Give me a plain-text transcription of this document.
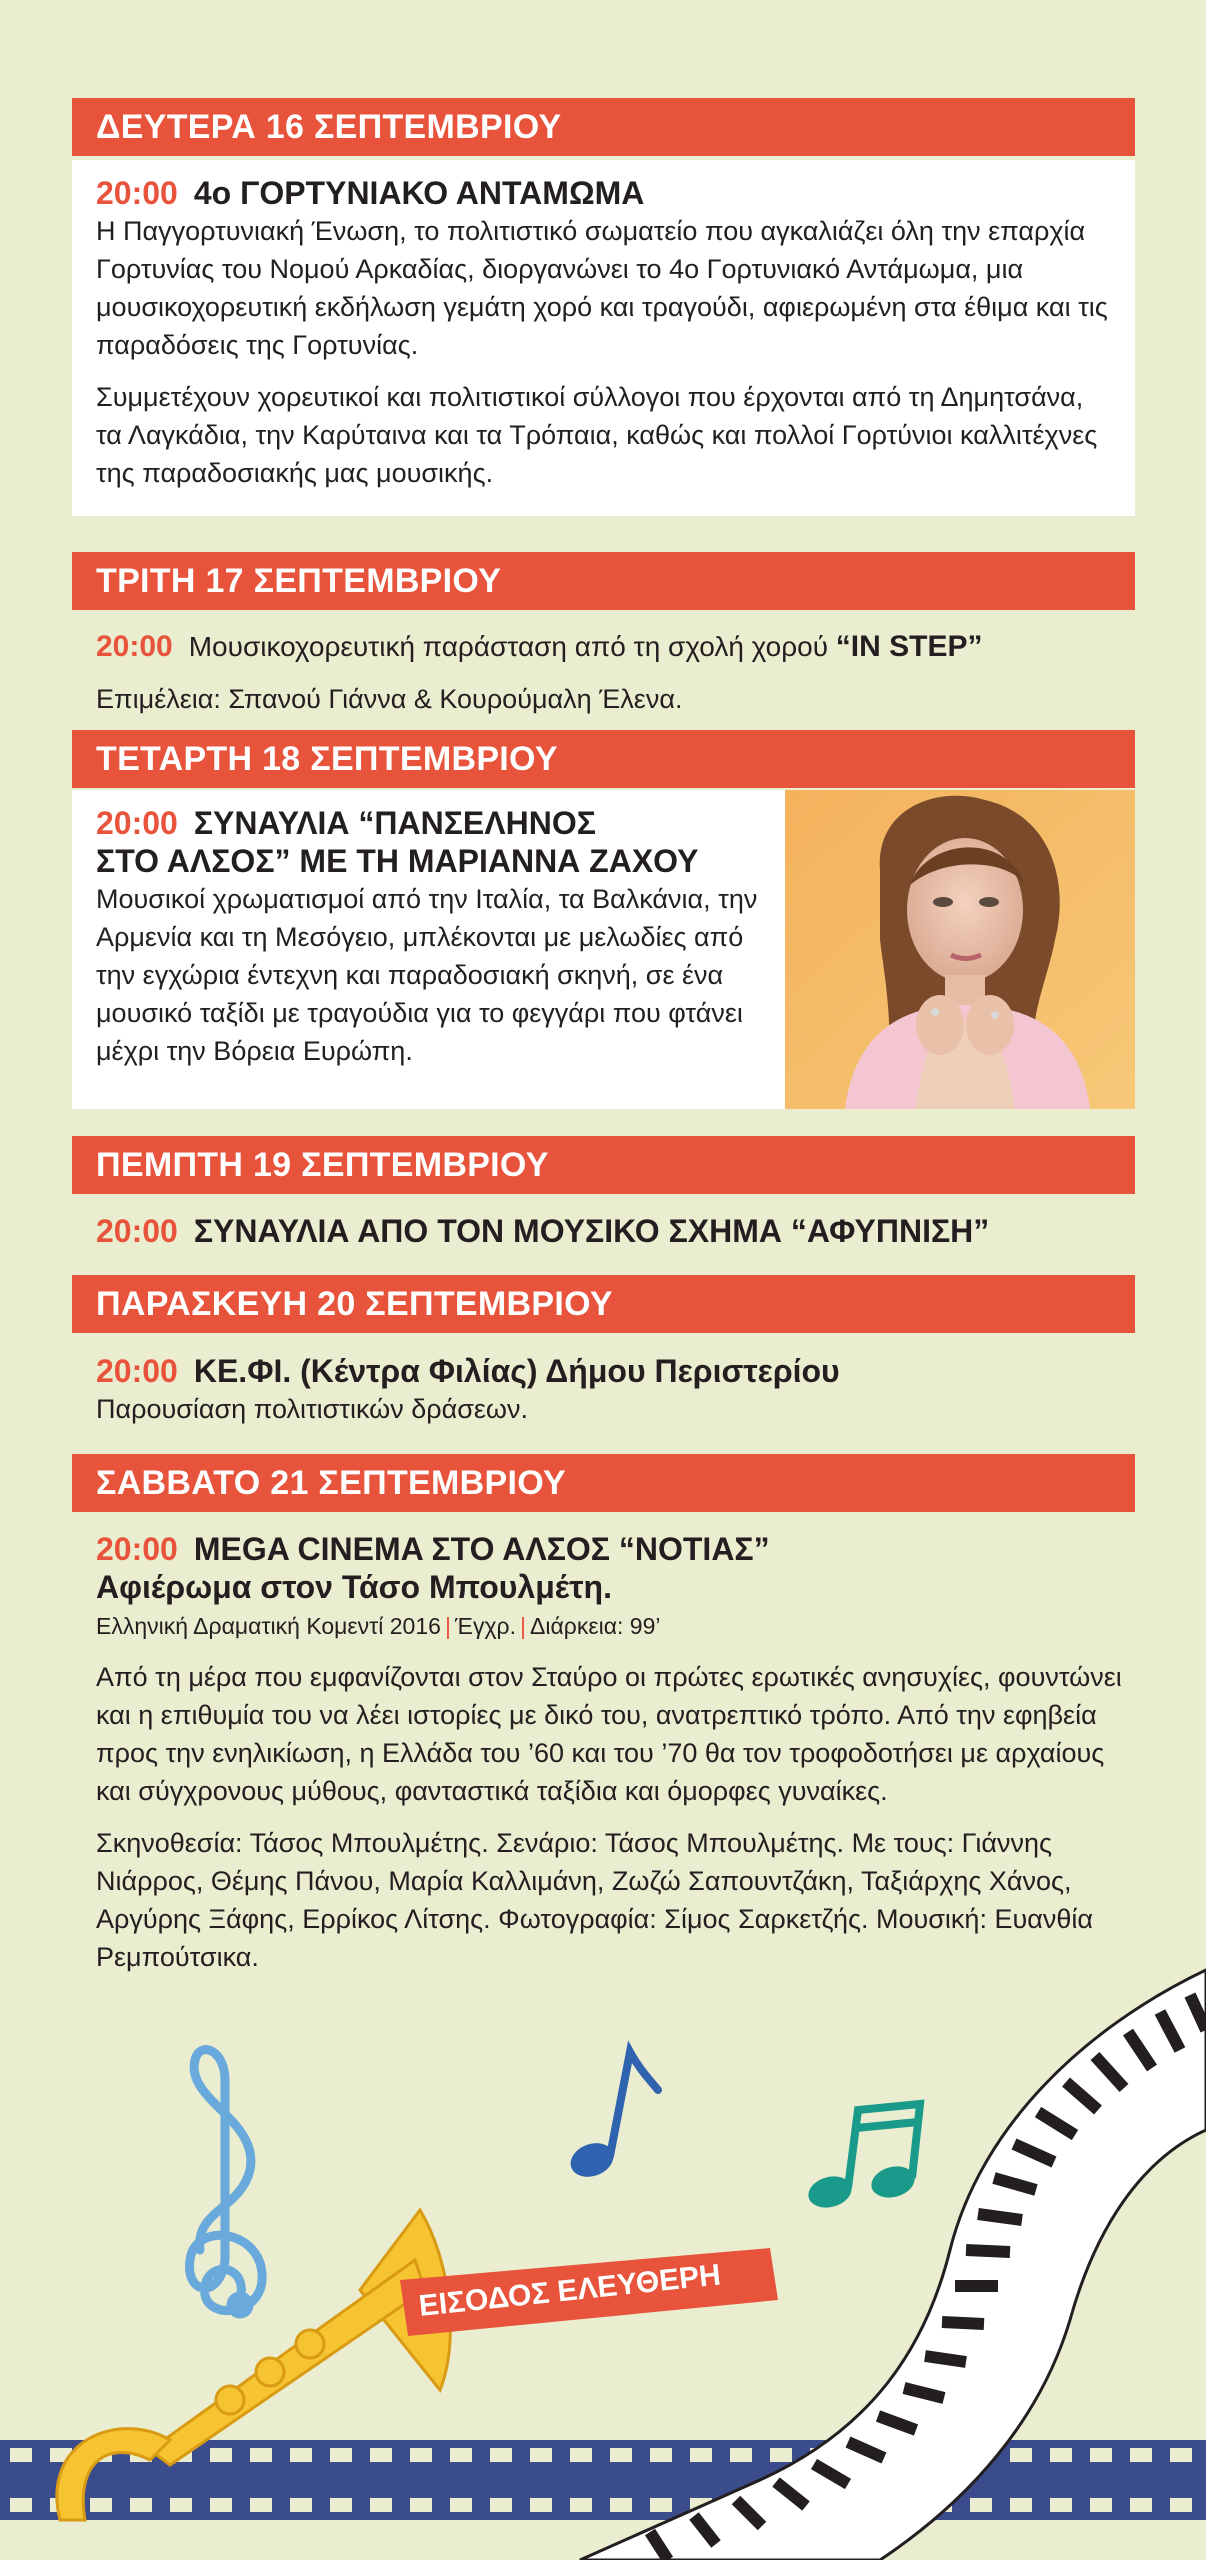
ΔΕΥΤΕΡΑ 16 ΣΕΠΤΕΜΒΡΙΟΥ

20:00 4ο ΓΟΡΤΥΝΙΑΚΟ ΑΝΤΑΜΩΜΑ

Η Παγγορτυνιακή Ένωση, το πολιτιστικό σωματείο που αγκαλιάζει όλη την επαρχία Γορτυνίας του Νομού Αρκαδίας, διοργανώνει το 4ο Γορτυνιακό Αντάμωμα, μια μουσικοχορευτική εκδήλωση γεμάτη χορό και τραγούδι, αφιερωμένη στα έθιμα και τις παραδόσεις της Γορτυνίας.

Συμμετέχουν χορευτικοί και πολιτιστικοί σύλλογοι που έρχονται από τη Δημητσάνα, τα Λαγκάδια, την Καρύταινα και τα Τρόπαια, καθώς και πολλοί Γορτύνιοι καλλιτέχνες της παραδοσιακής μας μουσικής.

ΤΡΙΤΗ 17 ΣΕΠΤΕΜΒΡΙΟΥ

20:00 Μουσικοχορευτική παράσταση από τη σχολή χορού “IN STEP”

Επιμέλεια: Σπανού Γιάννα & Κουρούμαλη Έλενα.

ΤΕΤΑΡΤΗ 18 ΣΕΠΤΕΜΒΡΙΟΥ

20:00 ΣΥΝΑΥΛΙΑ “ΠΑΝΣΕΛΗΝΟΣ
ΣΤΟ ΑΛΣΟΣ” ΜΕ ΤΗ ΜΑΡΙΑΝΝΑ ΖΑΧΟΥ

Μουσικοί χρωματισμοί από την Ιταλία, τα Βαλκάνια, την Αρμενία και τη Μεσόγειο, μπλέκονται με μελωδίες από την εγχώρια έντεχνη και παραδοσιακή σκηνή, σε ένα μουσικό ταξίδι με τραγούδια για το φεγγάρι που φτάνει μέχρι την Βόρεια Ευρώπη.

ΠΕΜΠΤΗ 19 ΣΕΠΤΕΜΒΡΙΟΥ

20:00 ΣΥΝΑΥΛΙΑ ΑΠΟ ΤΟΝ ΜΟΥΣΙΚΟ ΣΧΗΜΑ “ΑΦΥΠΝΙΣΗ”

ΠΑΡΑΣΚΕΥΗ 20 ΣΕΠΤΕΜΒΡΙΟΥ

20:00 ΚΕ.ΦΙ. (Κέντρα Φιλίας) Δήμου Περιστερίου

Παρουσίαση πολιτιστικών δράσεων.

ΣΑΒΒΑΤΟ 21 ΣΕΠΤΕΜΒΡΙΟΥ

20:00 MEGA CINEMA ΣΤΟ ΑΛΣΟΣ “ΝΟΤΙΑΣ”

Αφιέρωμα στον Τάσο Μπουλμέτη.

Ελληνική Δραματική Κομεντί 2016 | Έγχρ. | Διάρκεια: 99’

Από τη μέρα που εμφανίζονται στον Σταύρο οι πρώτες ερωτικές ανησυχίες, φουντώνει και η επιθυμία του να λέει ιστορίες με δικό του, ανατρεπτικό τρόπο. Από την εφηβεία προς την ενηλικίωση, η Ελλάδα του ’60 και του ’70 θα τον τροφοδοτήσει με αρχαίους και σύγχρονους μύθους, φανταστικά ταξίδια και όμορφες γυναίκες.

Σκηνοθεσία: Τάσος Μπουλμέτης. Σενάριο: Τάσος Μπουλμέτης. Με τους: Γιάννης Νιάρρος, Θέμης Πάνου, Μαρία Καλλιμάνη, Ζωζώ Σαπουντζάκη, Ταξιάρχης Χάνος, Αργύρης Ξάφης, Ερρίκος Λίτσης. Φωτογραφία: Σίμος Σαρκετζής. Μουσική: Ευανθία Ρεμπούτσικα.

ΕΙΣΟΔΟΣ ΕΛΕΥΘΕΡΗ
